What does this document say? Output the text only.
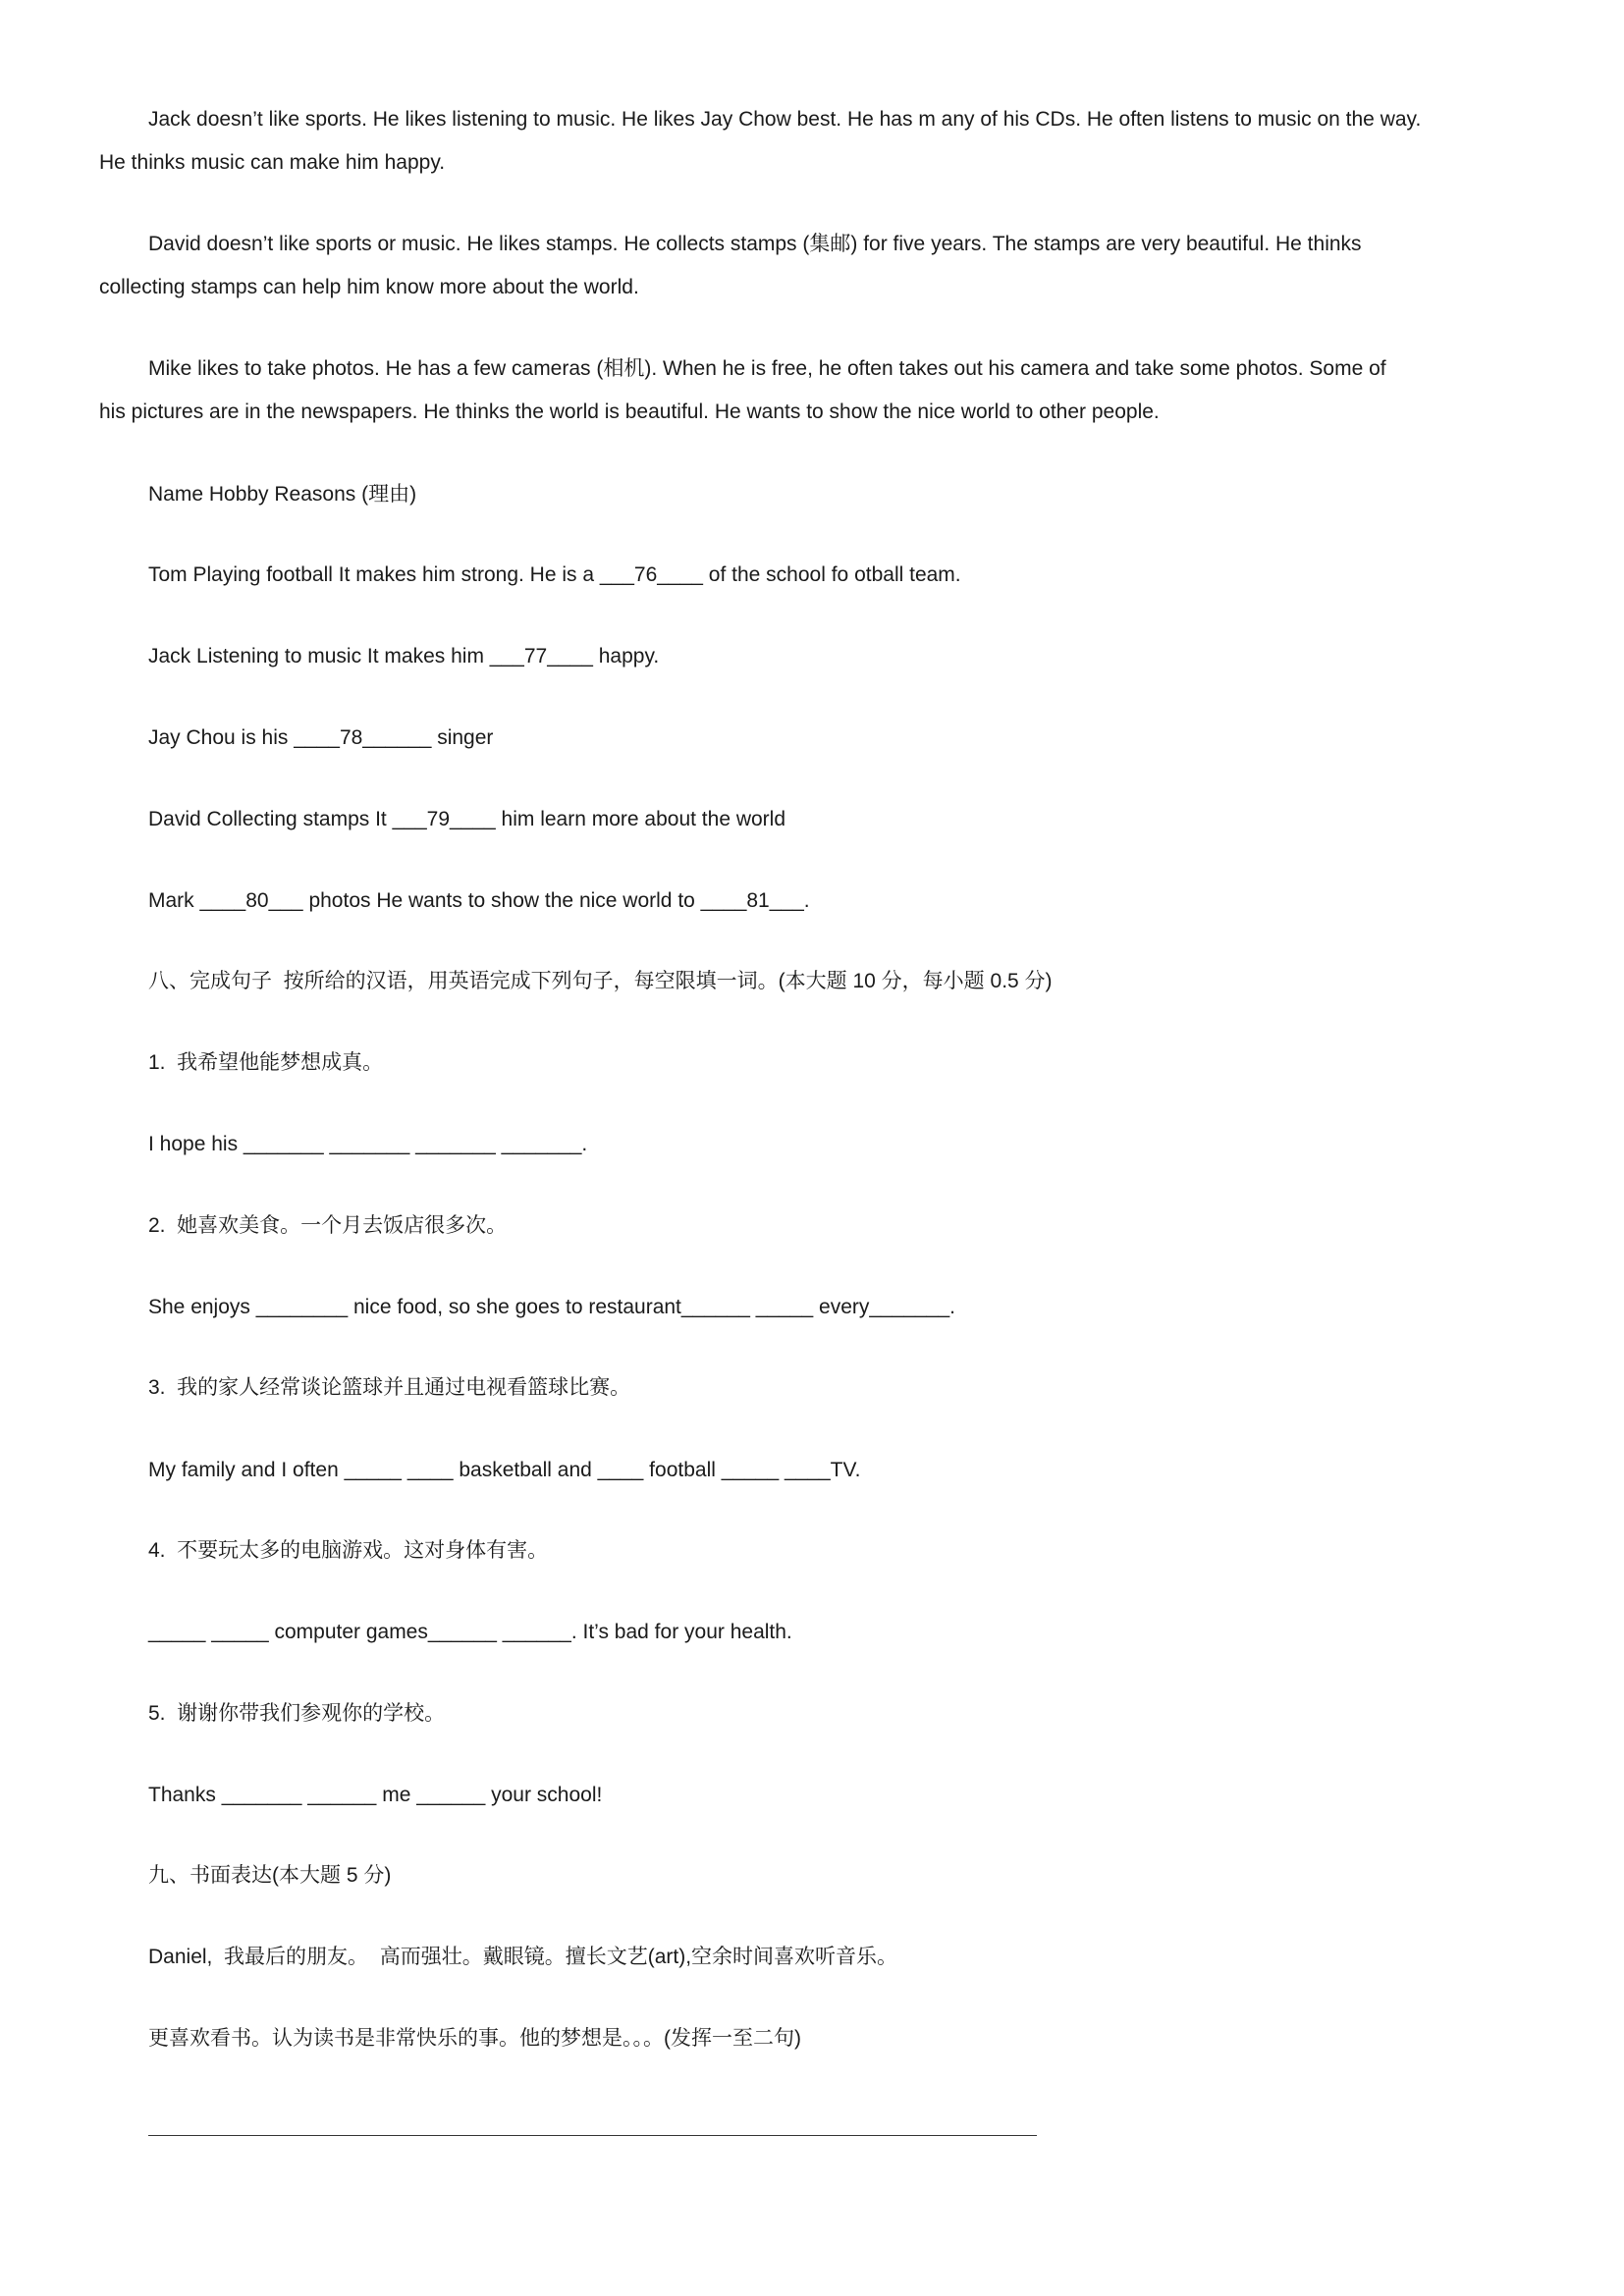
Jack doesn’t like sports. He likes listening to music. He likes Jay Chow best. He has m any of his CDs. He often listens to music on the way.
He thinks music can make him happy.
David doesn’t like sports or music. He likes stamps. He collects stamps (集邮) for five years. The stamps are very beautiful. He thinks
collecting stamps can help him know more about the world.
Mike likes to take photos. He has a few cameras (相机). When he is free, he often takes out his camera and take some photos. Some of
his pictures are in the newspapers. He thinks the world is beautiful. He wants to show the nice world to other people.
Name Hobby Reasons (理由)
Tom Playing football It makes him strong. He is a ___76____ of the school fo otball team.
Jack Listening to music It makes him ___77____ happy.
Jay Chou is his ____78______ singer
David Collecting stamps It ___79____ him learn more about the world
Mark ____80___ photos He wants to show the nice world to ____81___.
八、完成句子  按所给的汉语，用英语完成下列句子，每空限填一词。(本大题 10 分，每小题 0.5 分)
1.  我希望他能梦想成真。
I hope his _______ _______ _______ _______.
2.  她喜欢美食。一个月去饭店很多次。
She enjoys ________ nice food, so she goes to restaurant______ _____ every_______.
3.  我的家人经常谈论篮球并且通过电视看篮球比赛。
My family and I often _____ ____ basketball and ____ football _____ ____TV.
4.  不要玩太多的电脑游戏。这对身体有害。
_____ _____ computer games______ ______. It’s bad for your health.
5.  谢谢你带我们参观你的学校。
Thanks _______ ______ me ______ your school!
九、书面表达(本大题 5 分)
Daniel,  我最后的朋友。  高而强壮。戴眼镜。擅长文艺(art),空余时间喜欢听音乐。
更喜欢看书。认为读书是非常快乐的事。他的梦想是。。。(发挥一至二句)
